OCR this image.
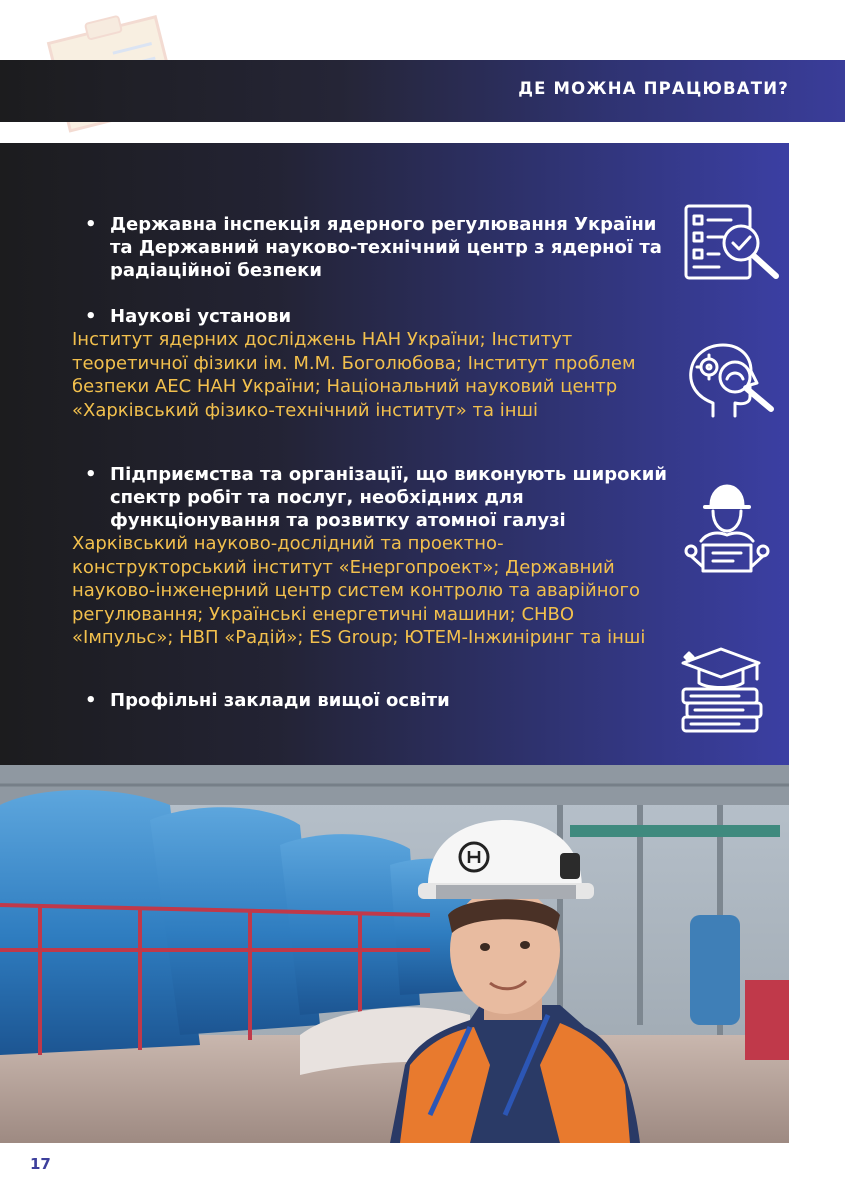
ДЕ МОЖНА ПРАЦЮВАТИ?
• Державна інспекція ядерного регулювання України та Державний науково-технічний центр з ядерної та радіаційної безпеки
• Наукові установи

Інститут ядерних досліджень НАН України; Інститут теоретичної фізики ім. М.М. Боголюбова; Інститут проблем безпеки АЕС НАН України; Національний науковий центр «Харківський фізико-технічний інститут» та інші

• Підприємства та організації, що виконують широкий спектр робіт та послуг, необхідних для функціонування та розвитку атомної галузі

Харківський науково-дослідний та проектно-конструкторський інститут «Енергопроект»; Державний науково-інженерний центр систем контролю та аварійного регулювання; Українські енергетичні машини; СНВО «Імпульс»; НВП «Радій»; ES Group; ЮТЕМ-Інжиніринг та інші

• Профільні заклади вищої освіти

17
